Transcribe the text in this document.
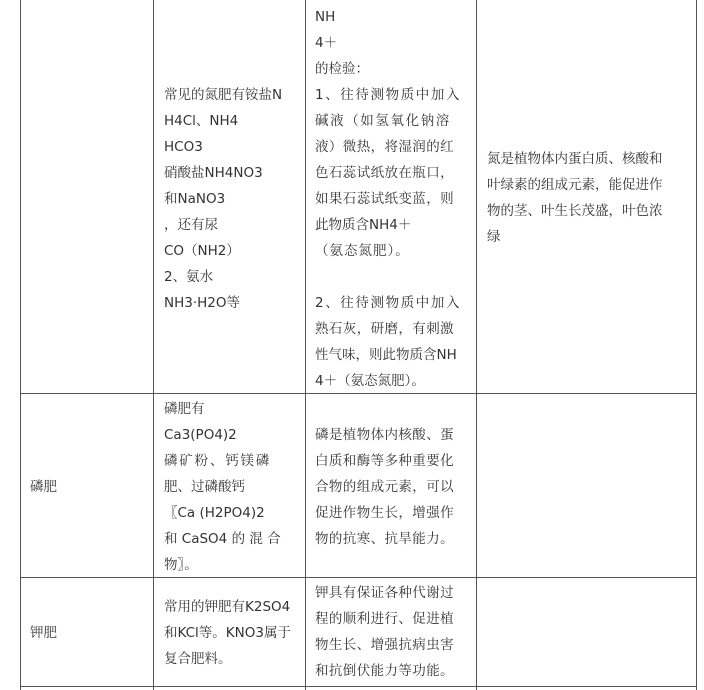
常见的氮肥有铵盐N
H4Cl、NH4
HCO3
硝酸盐NH4NO3
和NaNO3
，还有尿
CO（NH2）
2、氨水
NH3·H2O等
NH
4＋
的检验：
1、往待测物质中加入
碱液（如氢氧化钠溶
液）微热，将湿润的红
色石蕊试纸放在瓶口，
如果石蕊试纸变蓝，则
此物质含NH4＋
（氨态氮肥）。
2、往待测物质中加入
熟石灰，研磨，有刺激
性气味，则此物质含NH
4＋（氨态氮肥）。
氮是植物体内蛋白质、核酸和
叶绿素的组成元素，能促进作
物的茎、叶生长茂盛，叶色浓
绿
磷肥
磷肥有
Ca3(PO4)2
磷矿粉、钙镁磷
肥、过磷酸钙
〖Ca (H2PO4)2
和 CaSO4 的 混 合
物〗。
磷是植物体内核酸、蛋
白质和酶等多种重要化
合物的组成元素，可以
促进作物生长，增强作
物的抗寒、抗旱能力。
钾肥
常用的钾肥有K2SO4
和KCl等。KNO3属于
复合肥料。
钾具有保证各种代谢过
程的顺利进行、促进植
物生长、增强抗病虫害
和抗倒伏能力等功能。
